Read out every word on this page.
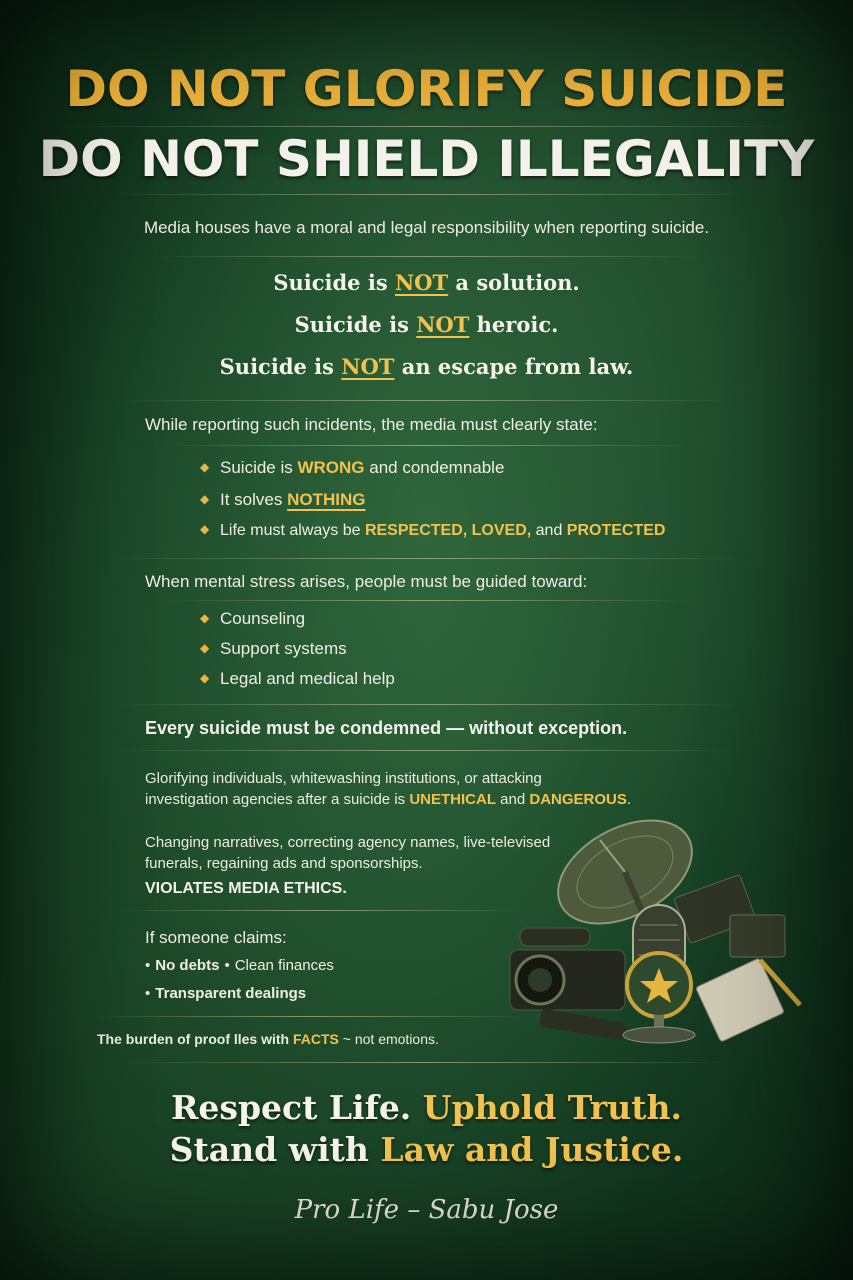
DO NOT GLORIFY SUICIDE
DO NOT SHIELD ILLEGALITY
Media houses have a moral and legal responsibility when reporting suicide.
Suicide is NOT a solution.
Suicide is NOT heroic.
Suicide is NOT an escape from law.
While reporting such incidents, the media must clearly state:
◆ Suicide is WRONG and condemnable
◆ It solves NOTHING
◆ Life must always be RESPECTED, LOVED, and PROTECTED
When mental stress arises, people must be guided toward:
◆ Counseling
◆ Support systems
◆ Legal and medical help
Every suicide must be condemned — without exception.
Glorifying individuals, whitewashing institutions, or attacking
investigation agencies after a suicide is UNETHICAL and DANGEROUS.
Changing narratives, correcting agency names, live-televised
funerals, regaining ads and sponsorships.
VIOLATES MEDIA ETHICS.
If someone claims:
• No debts • Clean finances
• Transparent dealings
The burden of proof lles with FACTS ~ not emotions.
Respect Life. Uphold Truth.
Stand with Law and Justice.
Pro Life – Sabu Jose
